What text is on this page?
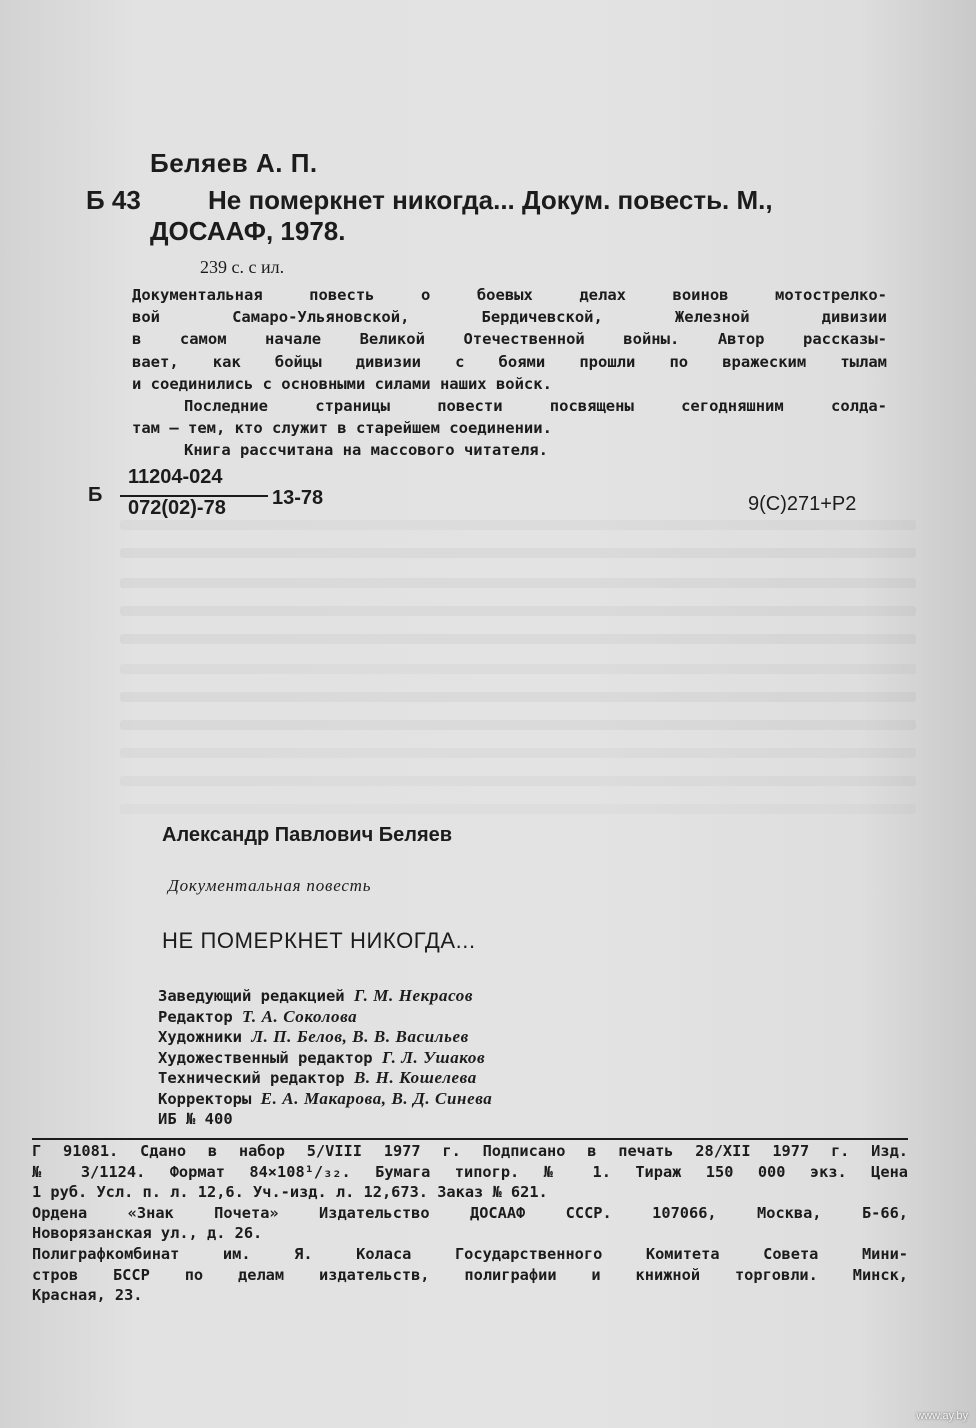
Беляев А. П.
Б 43	Не померкнет никогда... Докум. повесть. М.,
ДОСААФ, 1978.
239 с. с ил.
Документальная повесть о боевых делах воинов мотострелко-
вой Самаро-Ульяновской, Бердичевской, Железной дивизии
в самом начале Великой Отечественной войны. Автор рассказы-
вает, как бойцы дивизии с боями прошли по вражеским тылам
и соединились с основными силами наших войск.
Последние страницы повести посвящены сегодняшним солда-
там — тем, кто служит в старейшем соединении.
Книга рассчитана на массового читателя.
Б
11204-024
072(02)-78 13-78	9(С)271+Р2
Александр Павлович Беляев
Документальная повесть
НЕ ПОМЕРКНЕТ НИКОГДА...
Заведующий редакцией Г. М. Некрасов
Редактор Т. А. Соколова
Художники Л. П. Белов, В. В. Васильев
Художественный редактор Г. Л. Ушаков
Технический редактор В. Н. Кошелева
Корректоры Е. А. Макарова, В. Д. Синева
ИБ № 400
Г 91081. Сдано в набор 5/VIII 1977 г. Подписано в печать 28/XII 1977 г. Изд.
№ 3/1124. Формат 84×108¹/₃₂. Бумага типогр. № 1. Тираж 150 000 экз. Цена
1 руб. Усл. п. л. 12,6. Уч.-изд. л. 12,673. Заказ № 621.
Ордена «Знак Почета» Издательство ДОСААФ СССР. 107066, Москва, Б-66,
Новорязанская ул., д. 26.
Полиграфкомбинат им. Я. Коласа Государственного Комитета Совета Мини-
стров БССР по делам издательств, полиграфии и книжной торговли. Минск,
Красная, 23.
www.ay.by
